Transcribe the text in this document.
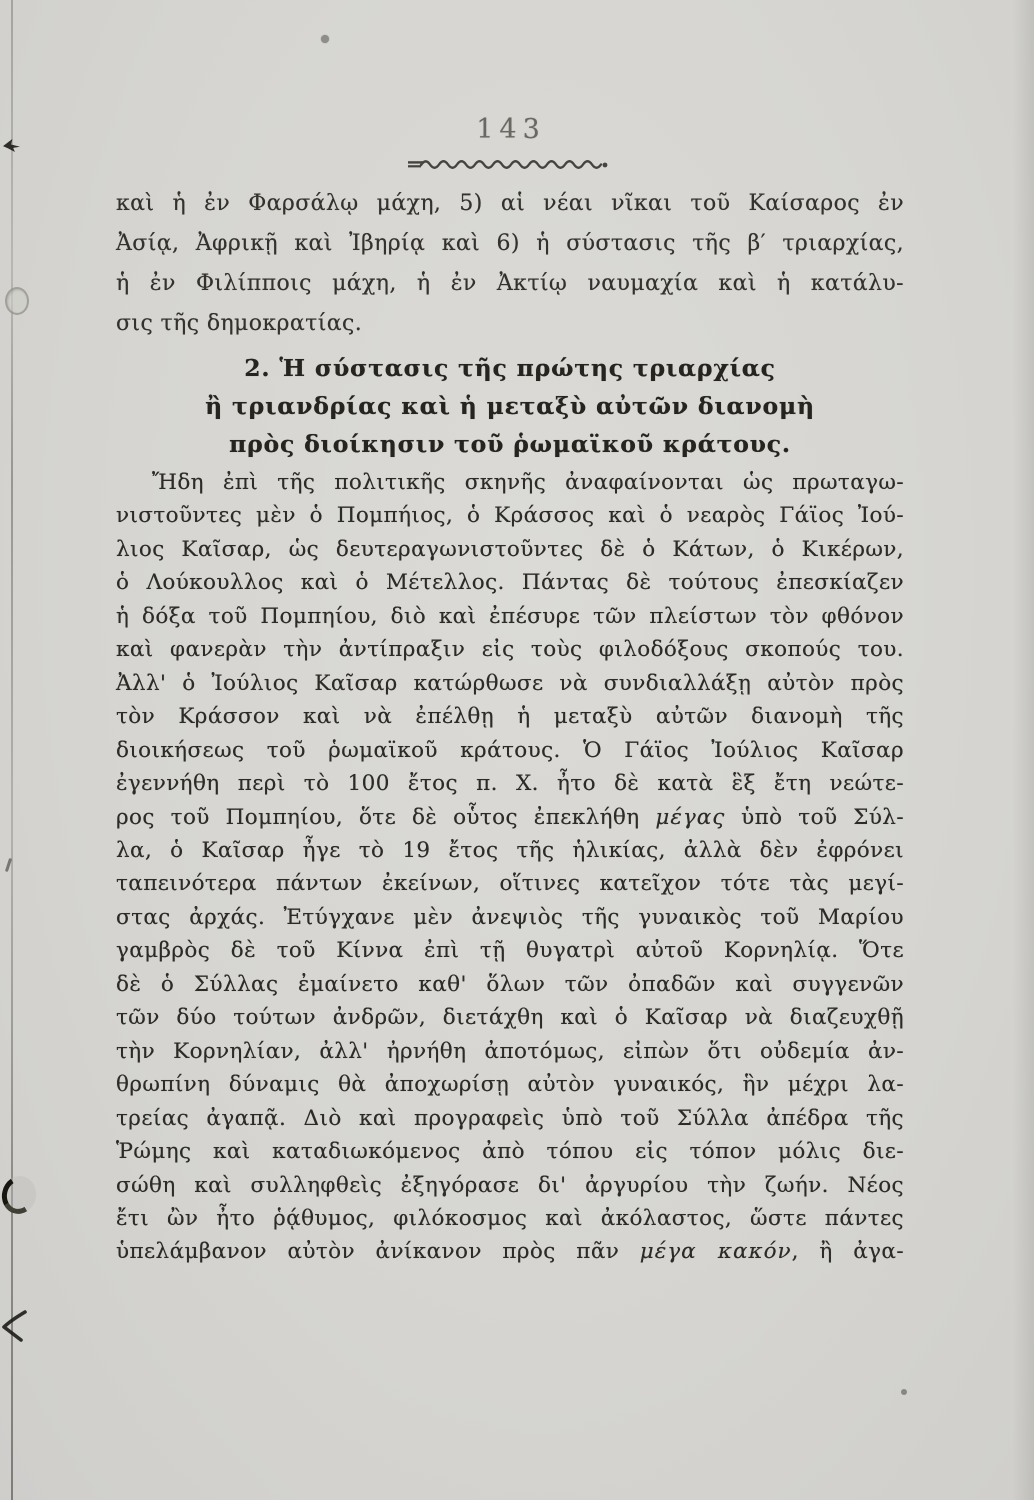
143
καὶ ἡ ἐν Φαρσάλῳ μάχη, 5) αἱ νέαι νῖκαι τοῦ Καίσαρος ἐν
Ἀσίᾳ, Ἀφρικῇ καὶ Ἰβηρίᾳ καὶ 6) ἡ σύστασις τῆς β′ τριαρχίας,
ἡ ἐν Φιλίπποις μάχη, ἡ ἐν Ἀκτίῳ ναυμαχία καὶ ἡ κατάλυ-
σις τῆς δημοκρατίας.
2. Ἡ σύστασις τῆς πρώτης τριαρχίας
ἢ τριανδρίας καὶ ἡ μεταξὺ αὐτῶν διανομὴ
πρὸς διοίκησιν τοῦ ῥωμαϊκοῦ κράτους.
Ἤδη ἐπὶ τῆς πολιτικῆς σκηνῆς ἀναφαίνονται ὡς πρωταγω-
νιστοῦντες μὲν ὁ Πομπήιος, ὁ Κράσσος καὶ ὁ νεαρὸς Γάϊος Ἰού-
λιος Καῖσαρ, ὡς δευτεραγωνιστοῦντες δὲ ὁ Κάτων, ὁ Κικέρων,
ὁ Λούκουλλος καὶ ὁ Μέτελλος. Πάντας δὲ τούτους ἐπεσκίαζεν
ἡ δόξα τοῦ Πομπηίου, διὸ καὶ ἐπέσυρε τῶν πλείστων τὸν φθόνον
καὶ φανερὰν τὴν ἀντίπραξιν εἰς τοὺς φιλοδόξους σκοπούς του.
Ἀλλ' ὁ Ἰούλιος Καῖσαρ κατώρθωσε νὰ συνδιαλλάξῃ αὐτὸν πρὸς
τὸν Κράσσον καὶ νὰ ἐπέλθῃ ἡ μεταξὺ αὐτῶν διανομὴ τῆς
διοικήσεως τοῦ ῥωμαϊκοῦ κράτους. Ὁ Γάϊος Ἰούλιος Καῖσαρ
ἐγεννήθη περὶ τὸ 100 ἔτος π. Χ. ἦτο δὲ κατὰ ἓξ ἔτη νεώτε-
ρος τοῦ Πομπηίου, ὅτε δὲ οὗτος ἐπεκλήθη μέγας ὑπὸ τοῦ Σύλ-
λα, ὁ Καῖσαρ ἦγε τὸ 19 ἔτος τῆς ἡλικίας, ἀλλὰ δὲν ἐφρόνει
ταπεινότερα πάντων ἐκείνων, οἵτινες κατεῖχον τότε τὰς μεγί-
στας ἀρχάς. Ἐτύγχανε μὲν ἀνεψιὸς τῆς γυναικὸς τοῦ Μαρίου
γαμβρὸς δὲ τοῦ Κίννα ἐπὶ τῇ θυγατρὶ αὐτοῦ Κορνηλίᾳ. Ὅτε
δὲ ὁ Σύλλας ἐμαίνετο καθ' ὅλων τῶν ὀπαδῶν καὶ συγγενῶν
τῶν δύο τούτων ἀνδρῶν, διετάχθη καὶ ὁ Καῖσαρ νὰ διαζευχθῇ
τὴν Κορνηλίαν, ἀλλ' ἠρνήθη ἀποτόμως, εἰπὼν ὅτι οὐδεμία ἀν-
θρωπίνη δύναμις θὰ ἀποχωρίσῃ αὐτὸν γυναικός, ἣν μέχρι λα-
τρείας ἀγαπᾷ. Διὸ καὶ προγραφεὶς ὑπὸ τοῦ Σύλλα ἀπέδρα τῆς
Ῥώμης καὶ καταδιωκόμενος ἀπὸ τόπου εἰς τόπον μόλις διε-
σώθη καὶ συλληφθεὶς ἐξηγόρασε δι' ἀργυρίου τὴν ζωήν. Νέος
ἔτι ὢν ἦτο ῥᾴθυμος, φιλόκοσμος καὶ ἀκόλαστος, ὥστε πάντες
ὑπελάμβανον αὐτὸν ἀνίκανον πρὸς πᾶν μέγα κακόν, ἢ ἀγα-
